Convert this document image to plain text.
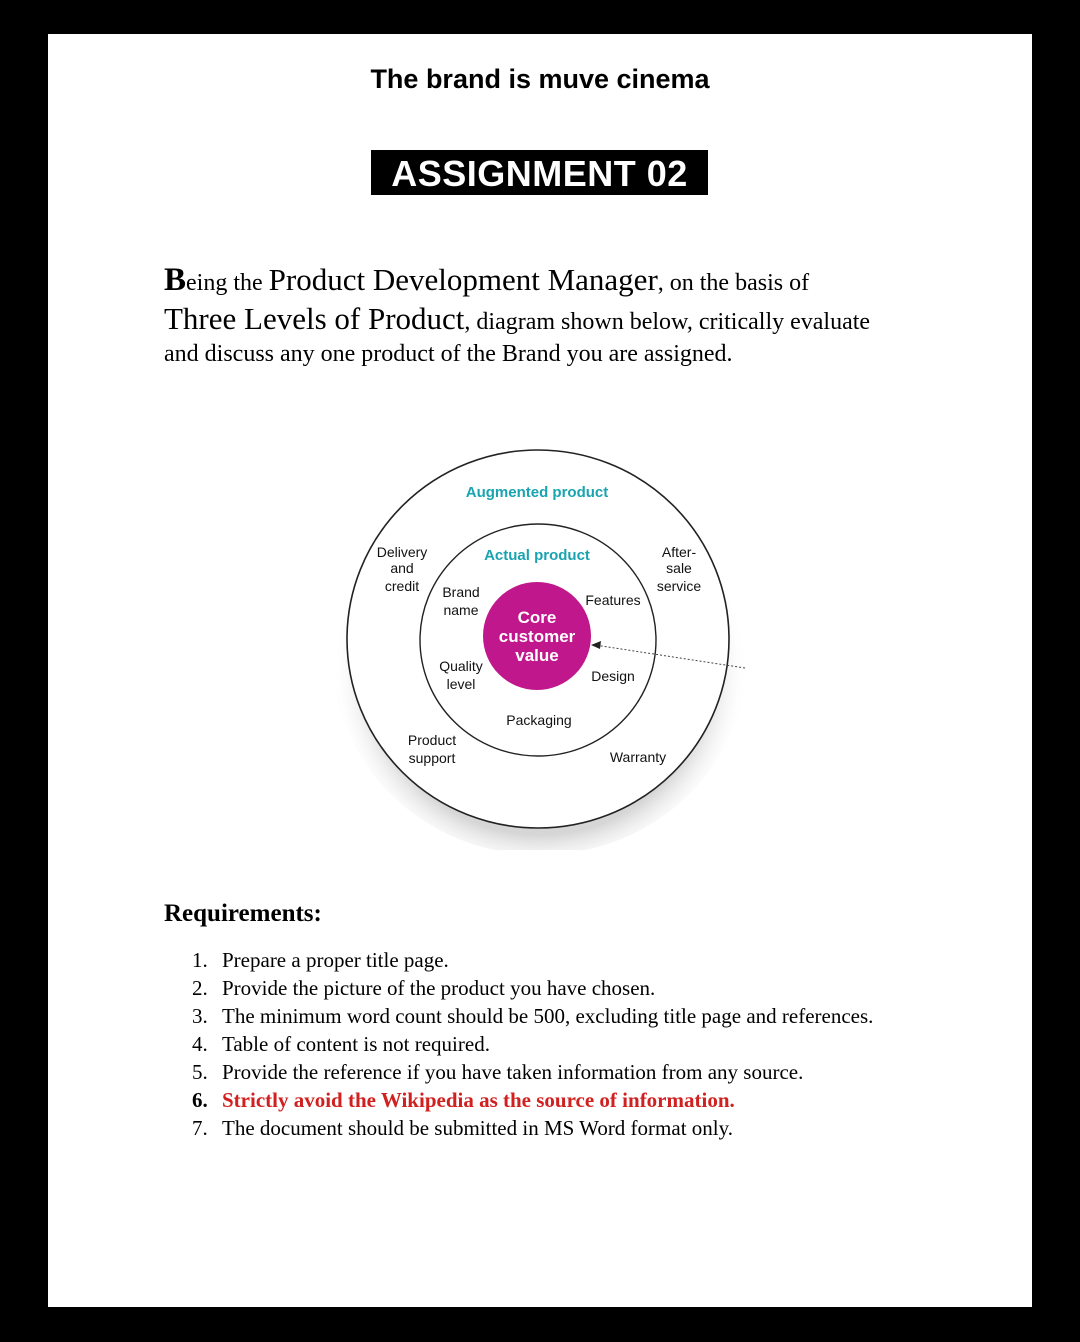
The brand is muve cinema
ASSIGNMENT 02
Being the Product Development Manager, on the basis of
Three Levels of Product, diagram shown below, critically evaluate

and discuss any one product of the Brand you are assigned.
Augmented product
Actual product
Core
customer
value
Delivery
and
credit
After-
sale
service
Brand
name
Features
Quality
level	Design
Packaging
Product
support	Warranty
Requirements:
1. Prepare a proper title page.
2. Provide the picture of the product you have chosen.
3. The minimum word count should be 500, excluding title page and references.
4. Table of content is not required.
5. Provide the reference if you have taken information from any source.
6. Strictly avoid the Wikipedia as the source of information.
7. The document should be submitted in MS Word format only.
